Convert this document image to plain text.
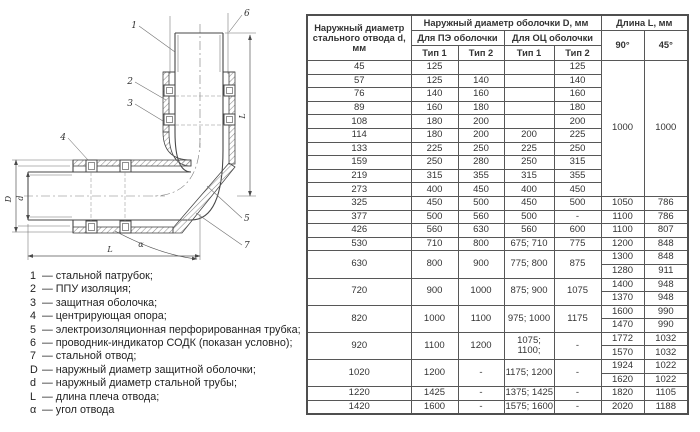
D d
L
L
α
1
6
2
3
4
5
7
1 — стальной патрубок;
2 — ППУ изоляция;
3 — защитная оболочка;
4 — центрирующая опора;
5 — электроизоляционная перфорированная трубка;
6 — проводник-индикатор СОДК (показан условно);
7 — стальной отвод;
D — наружный диаметр защитной оболочки;
d — наружный диаметр стальной трубы;
L — длина плеча отвода;
α — угол отвода
Наружный диаметр стального отвода d, мм	Наружный диаметр оболочки D, мм				Длина L, мм	
	Для ПЭ оболочки		Для ОЦ оболочки		90°	45°
	Тип 1	Тип 2	Тип 1	Тип 2		
45	125			125	1000	1000
57	125	140		140		
76	140	160		160		
89	160	180		180		
108	180	200		200		
114	180	200	200	225		
133	225	250	225	250		
159	250	280	250	315		
219	315	355	315	355		
273	400	450	400	450		
325	450	500	450	500	1050	786
377	500	560	500	-	1100	786
426	560	630	560	600	1100	807
530	710	800	675; 710	775	1200	848
630	800	900	775; 800	875	1300	848
					1280	911
720	900	1000	875; 900	1075	1400	948
					1370	948
820	1000	1100	975; 1000	1175	1600	990
					1470	990
920	1100	1200	1075; 1100;	-	1772	1032
					1570	1032
1020	1200	-	1175; 1200	-	1924	1022
					1620	1022
1220	1425	-	1375; 1425	-	1820	1105
1420	1600	-	1575; 1600	-	2020	1188
